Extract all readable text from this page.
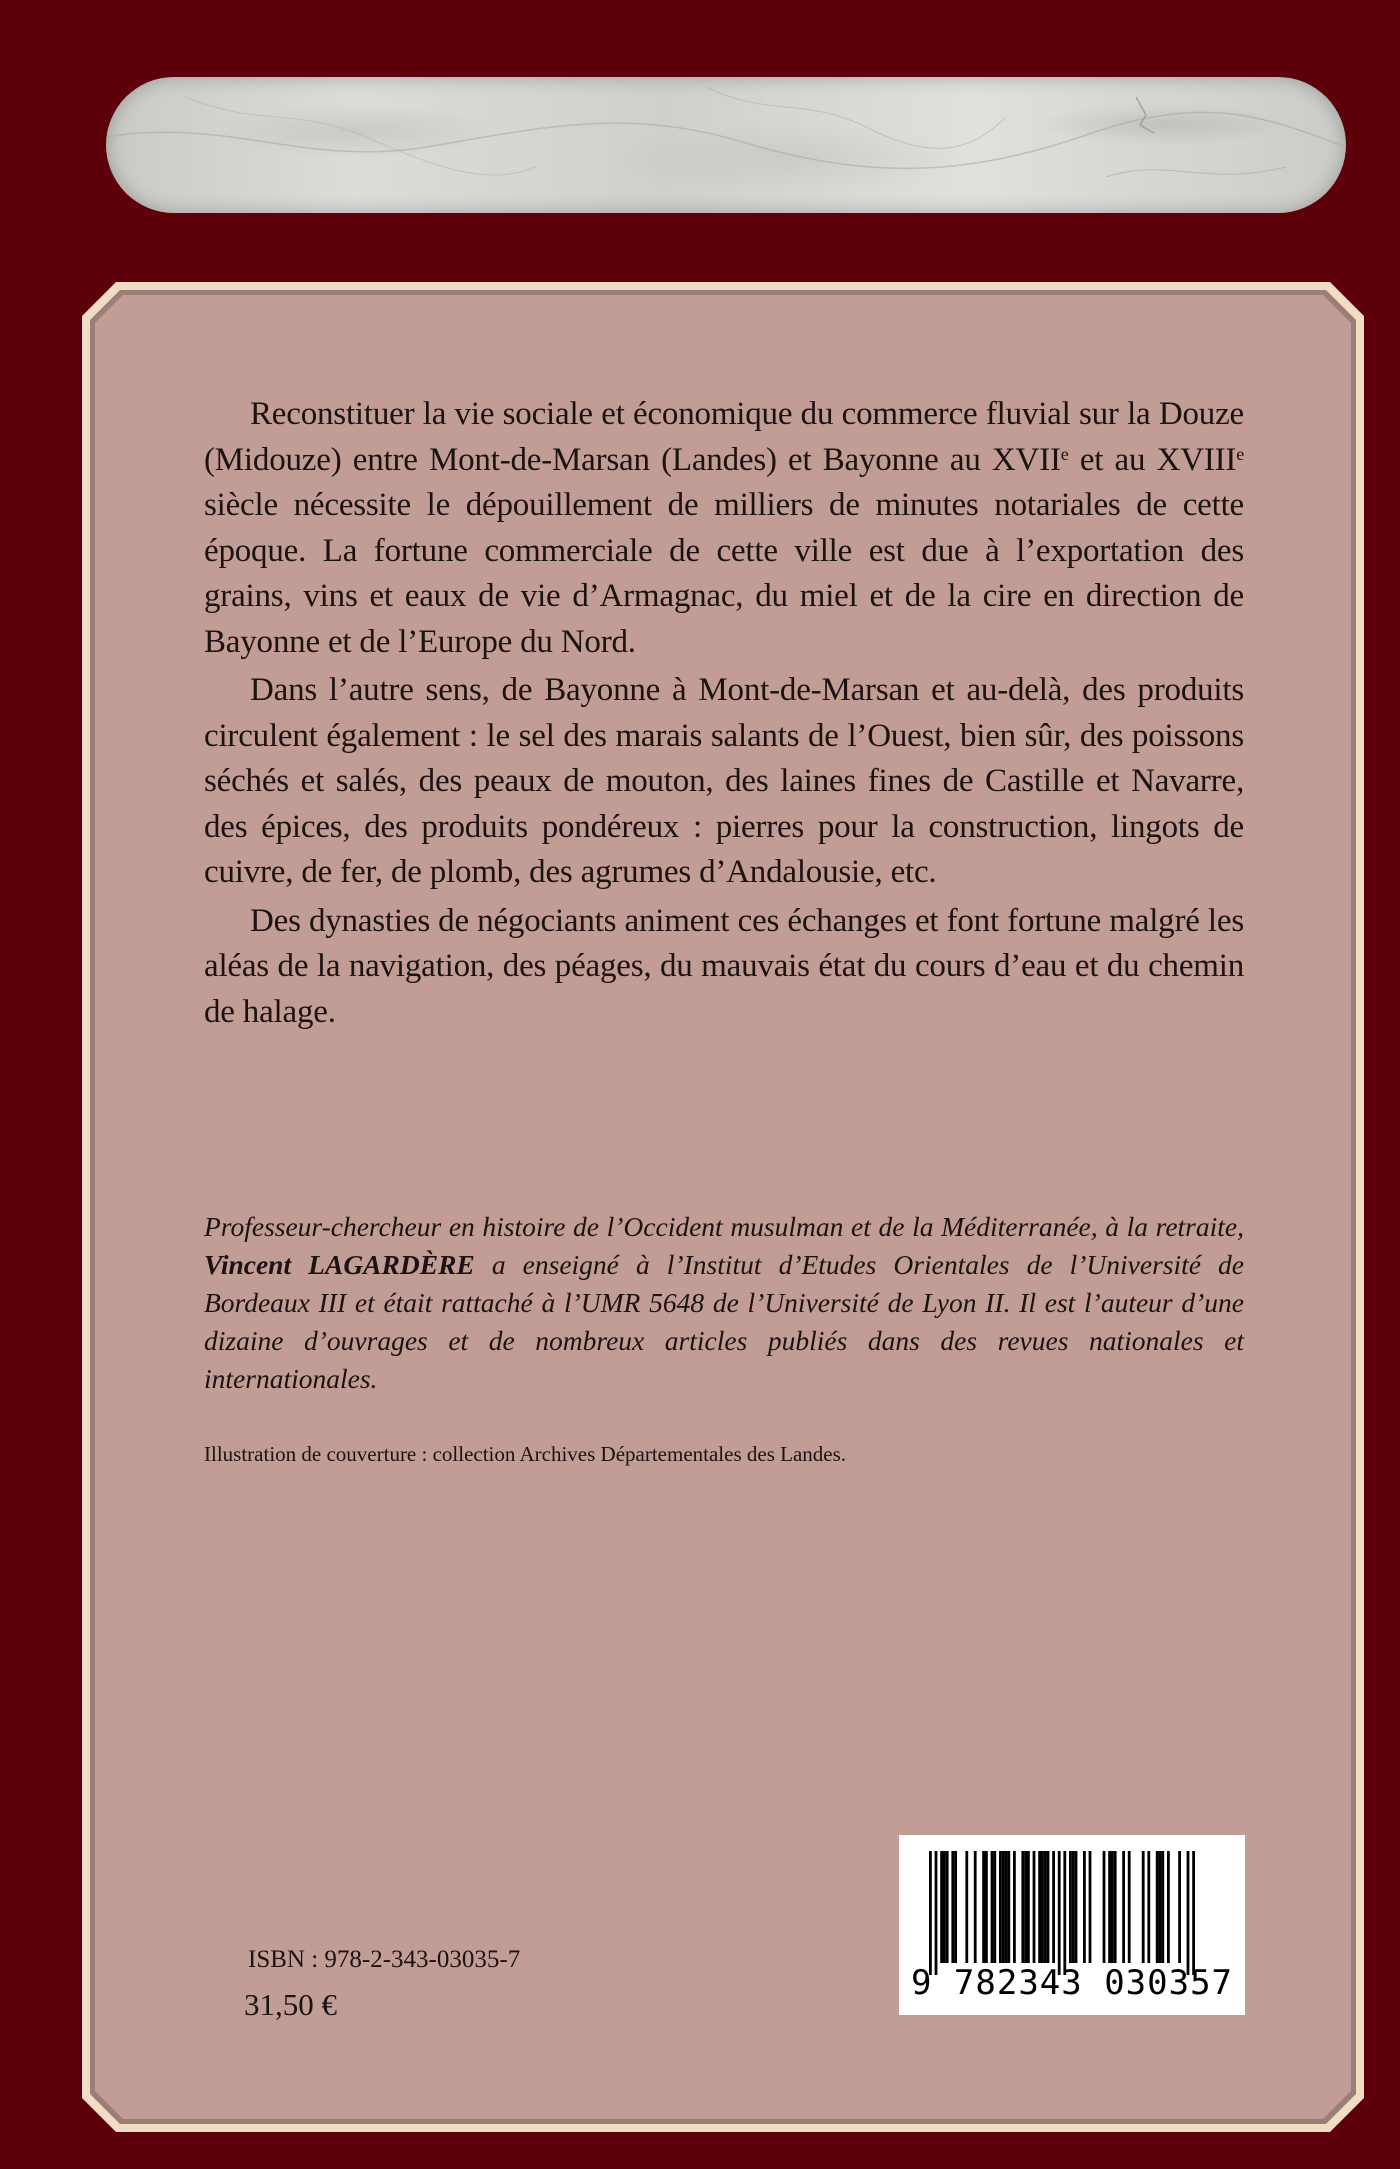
Reconstituer la vie sociale et économique du commerce fluvial sur la Douze (Midouze) entre Mont-de-Marsan (Landes) et Bayonne au XVIIe et au XVIIIe siècle nécessite le dépouillement de milliers de minutes notariales de cette époque. La fortune commerciale de cette ville est due à l’exportation des grains, vins et eaux de vie d’Armagnac, du miel et de la cire en direction de Bayonne et de l’Europe du Nord.

Dans l’autre sens, de Bayonne à Mont-de-Marsan et au-delà, des produits circulent également : le sel des marais salants de l’Ouest, bien sûr, des poissons séchés et salés, des peaux de mouton, des laines fines de Castille et Navarre, des épices, des produits pondéreux : pierres pour la construction, lingots de cuivre, de fer, de plomb, des agrumes d’Andalousie, etc.

Des dynasties de négociants animent ces échanges et font fortune malgré les aléas de la navigation, des péages, du mauvais état du cours d’eau et du chemin de halage.

Professeur-chercheur en histoire de l’Occident musulman et de la Méditerranée, à la retraite, Vincent LAGARDÈRE a enseigné à l’Institut d’Etudes Orientales de l’Université de Bordeaux III et était rattaché à l’UMR 5648 de l’Université de Lyon II. Il est l’auteur d’une dizaine d’ouvrages et de nombreux articles publiés dans des revues nationales et internationales.

Illustration de couverture : collection Archives Départementales des Landes.
ISBN : 978-2-343-03035-7
31,50 €
9 782343 030357
